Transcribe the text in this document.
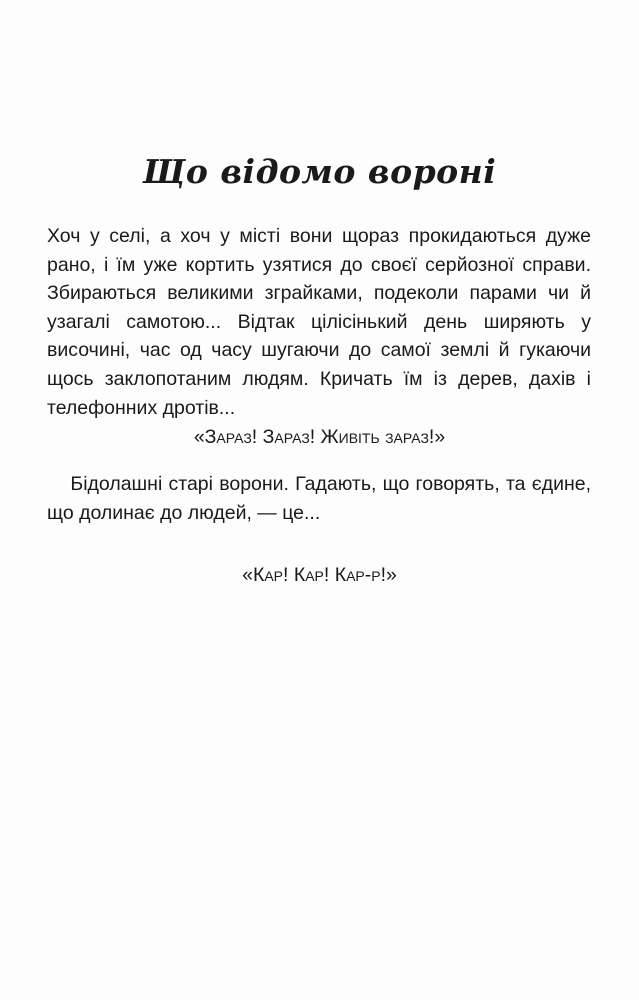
Що відомо вороні

Хоч у селі, а хоч у місті вони щораз прокидаються дуже рано, і їм уже кортить узятися до своєї серйозної справи. Збираються великими зграйками, подеколи парами чи й узагалі самотою... Відтак цілісінький день ширяють у височині, час од часу шугаючи до самої землі й гукаючи щось заклопотаним людям. Кричать їм із дерев, дахів і телефонних дротів...

«Зараз! Зараз! Живіть зараз!»

Бідолашні старі ворони. Гадають, що говорять, та єдине, що долинає до людей, — це...

«Кар! Кар! Кар-р!»
